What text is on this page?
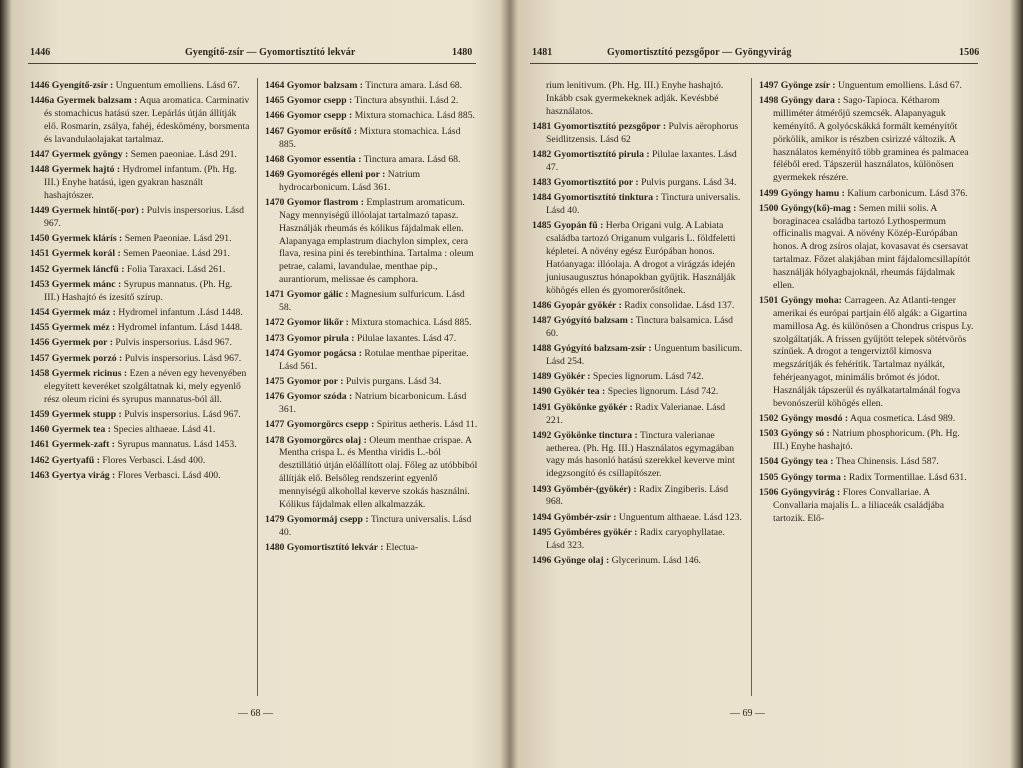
1446	Gyengítő-zsír — Gyomortisztító lekvár	1480

1446 Gyengítő-zsír : Unguentum emolliens. Lásd 67.

1446a Gyermek balzsam : Aqua aromatica. Carminativ és stomachicus hatású szer. Lepárlás útján állítják elő. Rosmarin, zsálya, fahéj, édeskömény, borsmenta és lavandulaolajakat tartalmaz.

1447 Gyermek gyöngy : Semen paeoniae. Lásd 291.

1448 Gyermek hajtó : Hydromel infantum. (Ph. Hg. III.) Enyhe hatású, igen gyakran használt hashajtószer.

1449 Gyermek hintő(-por) : Pulvis inspersorius. Lásd 967.

1450 Gyermek klárís : Semen Paeoniae. Lásd 291.

1451 Gyermek korál : Semen Paeoniae. Lásd 291.

1452 Gyermek láncfű : Folia Taraxaci. Lásd 261.

1453 Gyermek mánc : Syrupus mannatus. (Ph. Hg. III.) Hashajtó és ízesítő szirup.

1454 Gyermek máz : Hydromel infantum .Lásd 1448.

1455 Gyermek méz : Hydromel infantum. Lásd 1448.

1456 Gyermek por : Pulvis inspersorius. Lásd 967.

1457 Gyermek porzó : Pulvis inspersorius. Lásd 967.

1458 Gyermek ricinus : Ezen a néven egy hevenyében elegyített keveréket szolgáltatnak ki, mely egyenlő rész oleum ricini és syrupus mannatus-ból áll.

1459 Gyermek stupp : Pulvis inspersorius. Lásd 967.

1460 Gyermek tea : Species althaeae. Lásd 41.

1461 Gyermek-zaft : Syrupus mannatus. Lásd 1453.

1462 Gyertyafű : Flores Verbasci. Lásd 400.

1463 Gyertya virág : Flores Verbasci. Lásd 400.

1464 Gyomor balzsam : Tinctura amara. Lásd 68.

1465 Gyomor csepp : Tinctura absynthii. Lásd 2.

1466 Gyomor csepp : Mixtura stomachica. Lásd 885.

1467 Gyomor erősítő : Mixtura stomachica. Lásd 885.

1468 Gyomor essentia : Tinctura amara. Lásd 68.

1469 Gyomorégés elleni por : Natrium hydrocarbonicum. Lásd 361.

1470 Gyomor flastrom : Emplastrum aromaticum. Nagy mennyiségű illóolajat tartalmazó tapasz. Használják rheumás és kólikus fájdalmak ellen. Alapanyaga emplastrum diachylon simplex, cera flava, resina pini és terebinthina. Tartalma : oleum petrae, calami, lavandulae, menthae pip., aurantiorum, melissae és camphora.

1471 Gyomor gálic : Magnesium sulfuricum. Lásd 58.

1472 Gyomor likőr : Mixtura stomachica. Lásd 885.

1473 Gyomor pirula : Pilulae laxantes. Lásd 47.

1474 Gyomor pogácsa : Rotulae menthae piperitae. Lásd 561.

1475 Gyomor por : Pulvis purgans. Lásd 34.

1476 Gyomor szóda : Natrium bicarbonicum. Lásd 361.

1477 Gyomorgörcs csepp : Spiritus aetheris. Lásd 11.

1478 Gyomorgörcs olaj : Oleum menthae crispae. A Mentha crispa L. és Mentha viridis L.-ból desztillátió útján előállított olaj. Főleg az utóbbiból állítják elő. Belsőleg rendszerint egyenlő mennyiségű alkohollal keverve szokás használni. Kólikus fájdalmak ellen alkalmazzák.

1479 Gyomormáj csepp : Tinctura universalis. Lásd 40.

1480 Gyomortisztító lekvár : Electua-

— 68 —
1481	Gyomortisztító pezsgőpor — Gyöngyvirág	1506

rium lenitivum. (Ph. Hg. III.) Enyhe hashajtó. Inkább csak gyermekeknek adják. Kevésbbé használatos.

1481 Gyomortisztító pezsgőpor : Pulvis aërophorus Seidlitzensis. Lásd 62

1482 Gyomortisztító pirula : Pilulae laxantes. Lásd 47.

1483 Gyomortisztító por : Pulvis purgans. Lásd 34.

1484 Gyomortisztító tinktura : Tinctura universalis. Lásd 40.

1485 Gyopán fű : Herba Origani vulg. A Labiata családba tartozó Origanum vulgaris L. földfeletti képletei. A növény egész Európában honos. Hatóanyaga: illóolaja. A drogot a virágzás idején juniusaugusztus hónapokban gyűjtik. Használják köhögés ellen és gyomorerősítőnek.

1486 Gyopár gyökér : Radix consolidae. Lásd 137.

1487 Gyógyító balzsam : Tinctura balsamica. Lásd 60.

1488 Gyógyító balzsam-zsír : Unguentum basilicum. Lásd 254.

1489 Gyökér : Species lignorum. Lásd 742.

1490 Gyökér tea : Species lignorum. Lásd 742.

1491 Gyökönke gyökér : Radix Valerianae. Lásd 221.

1492 Gyökönke tinctura : Tinctura valerianae aetherea. (Ph. Hg. III.) Használatos egymagában vagy más hasonló hatású szerekkel keverve mint idegzsongító és csillapítószer.

1493 Gyömbér-(gyökér) : Radix Zingiberis. Lásd 968.

1494 Gyömbér-zsír : Unguentum althaeae. Lásd 123.

1495 Gyömbéres gyökér : Radix caryophyllatae. Lásd 323.

1496 Gyönge olaj : Glycerinum. Lásd 146.

1497 Gyönge zsír : Unguentum emolliens. Lásd 67.

1498 Gyöngy dara : Sago-Tapioca. Kétharom milliméter átmérőjű szemcsék. Alapanyaguk keményítő. A golyócskákká formált keményítőt pörkölik, amikor is részben csirizzé változik. A használatos keményítő több graminea és palmacea féléből ered. Tápszerül használatos, különösen gyermekek részére.

1499 Gyöngy hamu : Kalium carbonicum. Lásd 376.

1500 Gyöngy(kő)-mag : Semen milii solis. A boraginacea családba tartozó Lythospermum officinalis magvai. A növény Közép-Európában honos. A drog zsíros olajat, kovasavat és csersavat tartalmaz. Főzet alakjában mint fájdalomcsillapítót használják hólyagbajoknál, rheumás fájdalmak ellen.

1501 Gyöngy moha: Carrageen. Az Atlanti-tenger amerikai és európai partjain élő algák: a Gigartina mamillosa Ag. és különösen a Chondrus crispus Ly. szolgáltatják. A frissen gyűjtött telepek sötétvörös színűek. A drogot a tengerviztől kimosva megszárítják és fehérítik. Tartalmaz nyálkát, fehérjeanyagot, minimális brómot és jódot. Használják tápszerül és nyálkatartalmánál fogva bevonószerül köhögés ellen.

1502 Gyöngy mosdó : Aqua cosmetica. Lásd 989.

1503 Gyöngy só : Natrium phosphoricum. (Ph. Hg. III.) Enyhe hashajtó.

1504 Gyöngy tea : Thea Chinensis. Lásd 587.

1505 Gyöngy torma : Radix Tormentillae. Lásd 631.

1506 Gyöngyvirág : Flores Convallariae. A Convallaria majalis L. a liliaceák családjába tartozik. Elő-

— 69 —
